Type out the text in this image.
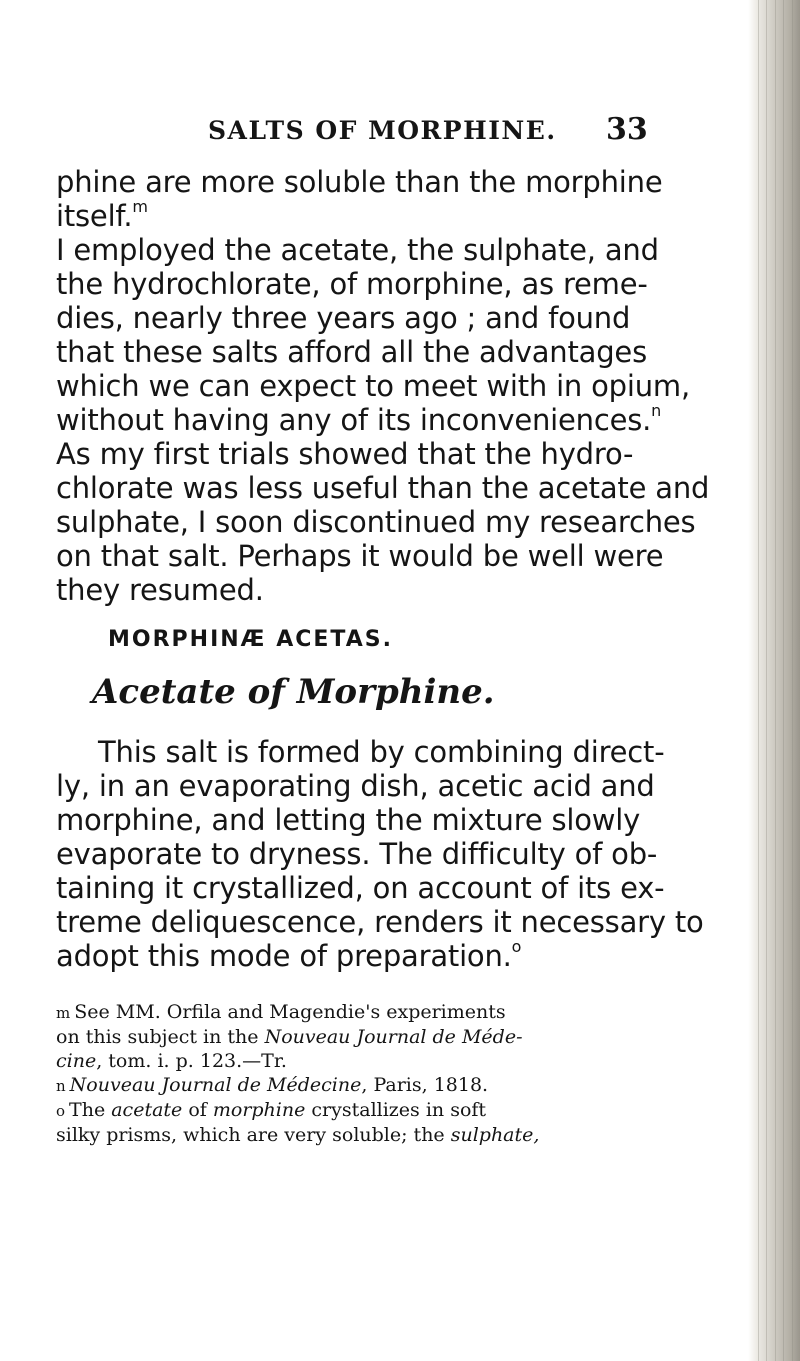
SALTS OF MORPHINE. 33
phine are more soluble than the morphine
itself.$^m$
I employed the acetate, the sulphate, and
the hydrochlorate, of morphine, as reme-
dies, nearly three years ago ; and found
that these salts afford all the advantages
which we can expect to meet with in opium,
without having any of its inconveniences.$^n$
As my first trials showed that the hydro-
chlorate was less useful than the acetate and
sulphate, I soon discontinued my researches
on that salt. Perhaps it would be well were
they resumed.
MORPHINÆ ACETAS.
Acetate of Morphine.
This salt is formed by combining direct-
ly, in an evaporating dish, acetic acid and
morphine, and letting the mixture slowly
evaporate to dryness. The difficulty of ob-
taining it crystallized, on account of its ex-
treme deliquescence, renders it necessary to
adopt this mode of preparation.$^o$
m See MM. Orfila and Magendie's experiments
on this subject in the Nouveau Journal de Méde-
cine, tom. i. p. 123.—Tr.
n Nouveau Journal de Médecine, Paris, 1818.
o The acetate of morphine crystallizes in soft
silky prisms, which are very soluble; the sulphate,
